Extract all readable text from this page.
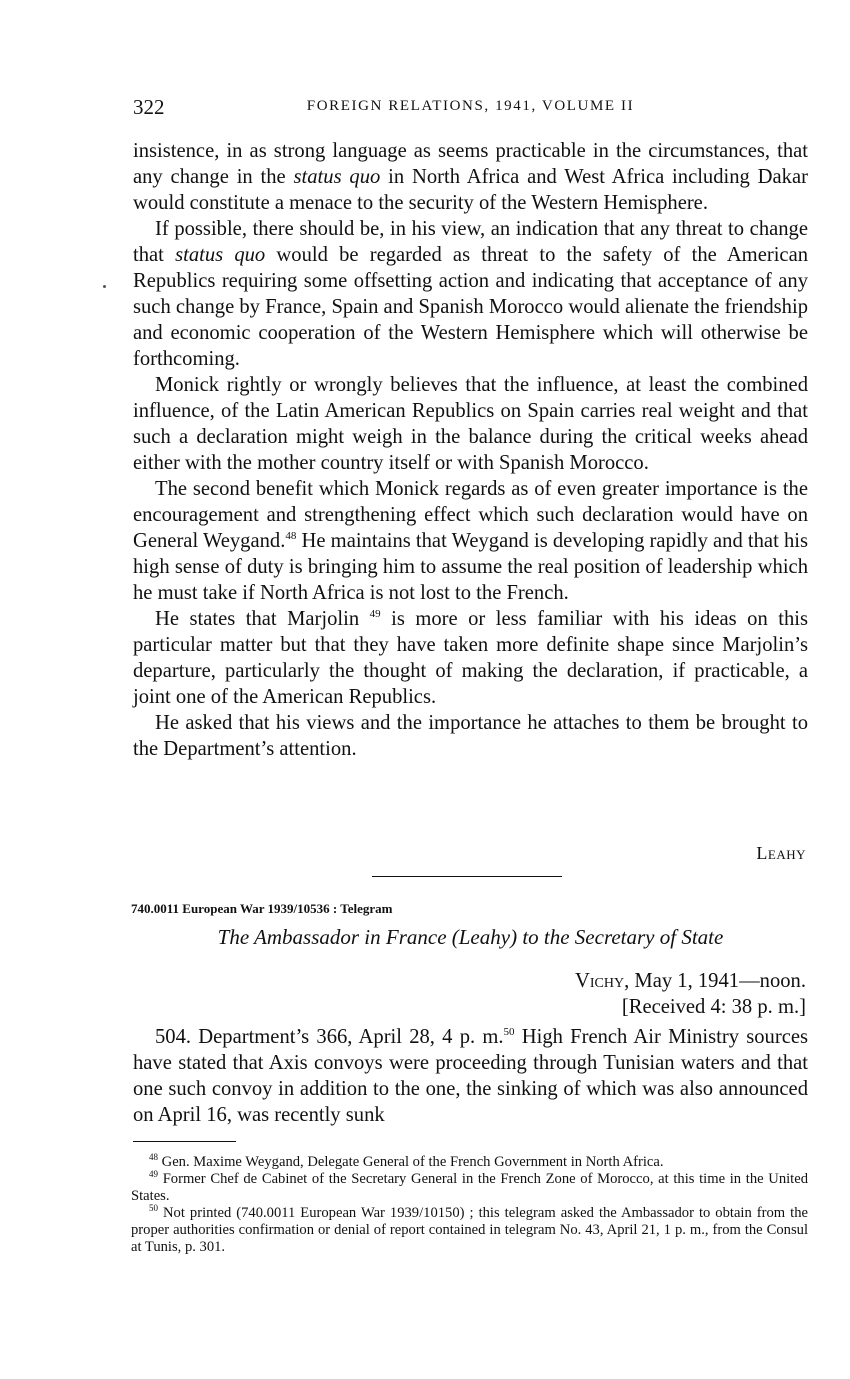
322	FOREIGN RELATIONS, 1941, VOLUME II

insistence, in as strong language as seems practicable in the circumstances, that any change in the status quo in North Africa and West Africa including Dakar would constitute a menace to the security of the Western Hemisphere.

If possible, there should be, in his view, an indication that any threat to change that status quo would be regarded as threat to the safety of the American Republics requiring some offsetting action and indicating that acceptance of any such change by France, Spain and Spanish Morocco would alienate the friendship and economic cooperation of the Western Hemisphere which will otherwise be forthcoming.

Monick rightly or wrongly believes that the influence, at least the combined influence, of the Latin American Republics on Spain carries real weight and that such a declaration might weigh in the balance during the critical weeks ahead either with the mother country itself or with Spanish Morocco.

The second benefit which Monick regards as of even greater importance is the encouragement and strengthening effect which such declaration would have on General Weygand.$^{48}$ He maintains that Weygand is developing rapidly and that his high sense of duty is bringing him to assume the real position of leadership which he must take if North Africa is not lost to the French.

He states that Marjolin $^{49}$ is more or less familiar with his ideas on this particular matter but that they have taken more definite shape since Marjolin’s departure, particularly the thought of making the declaration, if practicable, a joint one of the American Republics.

He asked that his views and the importance he attaches to them be brought to the Department’s attention.

Leahy
740.0011 European War 1939/10536 : Telegram
The Ambassador in France (Leahy) to the Secretary of State
Vichy, May 1, 1941—noon.
[Received 4: 38 p. m.]

504. Department’s 366, April 28, 4 p. m.$^{50}$ High French Air Ministry sources have stated that Axis convoys were proceeding through Tunisian waters and that one such convoy in addition to the one, the sinking of which was also announced on April 16, was recently sunk

$^{48}$ Gen. Maxime Weygand, Delegate General of the French Government in North Africa.

$^{49}$ Former Chef de Cabinet of the Secretary General in the French Zone of Morocco, at this time in the United States.

$^{50}$ Not printed (740.0011 European War 1939/10150) ; this telegram asked the Ambassador to obtain from the proper authorities confirmation or denial of report contained in telegram No. 43, April 21, 1 p. m., from the Consul at Tunis, p. 301.
